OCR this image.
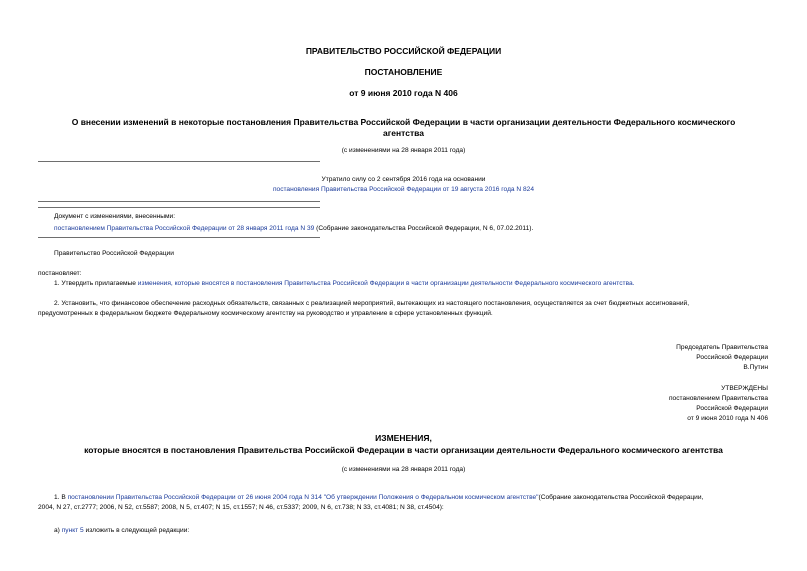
ПРАВИТЕЛЬСТВО РОССИЙСКОЙ ФЕДЕРАЦИИ
ПОСТАНОВЛЕНИЕ
от 9 июня 2010 года N 406
О внесении изменений в некоторые постановления Правительства Российской Федерации в части организации деятельности Федерального космического
агентства
(с изменениями на 28 января 2011 года)
Утратило силу со 2 сентября 2016 года на основании
постановления Правительства Российской Федерации от 19 августа 2016 года N 824
Документ с изменениями, внесенными:
постановлением Правительства Российской Федерации от 28 января 2011 года N 39 (Собрание законодательства Российской Федерации, N 6, 07.02.2011).
Правительство Российской Федерации
постановляет:
1. Утвердить прилагаемые изменения, которые вносятся в постановления Правительства Российской Федерации в части организации деятельности Федерального космического агентства.
2. Установить, что финансовое обеспечение расходных обязательств, связанных с реализацией мероприятий, вытекающих из настоящего постановления, осуществляется за счет бюджетных ассигнований,
предусмотренных в федеральном бюджете Федеральному космическому агентству на руководство и управление в сфере установленных функций.
Председатель Правительства
Российской Федерации
В.Путин
УТВЕРЖДЕНЫ
постановлением Правительства
Российской Федерации
от 9 июня 2010 года N 406
ИЗМЕНЕНИЯ,
которые вносятся в постановления Правительства Российской Федерации в части организации деятельности Федерального космического агентства
(с изменениями на 28 января 2011 года)
1. В постановлении Правительства Российской Федерации от 26 июня 2004 года N 314 "Об утверждении Положения о Федеральном космическом агентстве"(Собрание законодательства Российской Федерации,
2004, N 27, ст.2777; 2006, N 52, ст.5587; 2008, N 5, ст.407; N 15, ст.1557; N 46, ст.5337; 2009, N 6, ст.738; N 33, ст.4081; N 38, ст.4504):
а) пункт 5 изложить в следующей редакции:
